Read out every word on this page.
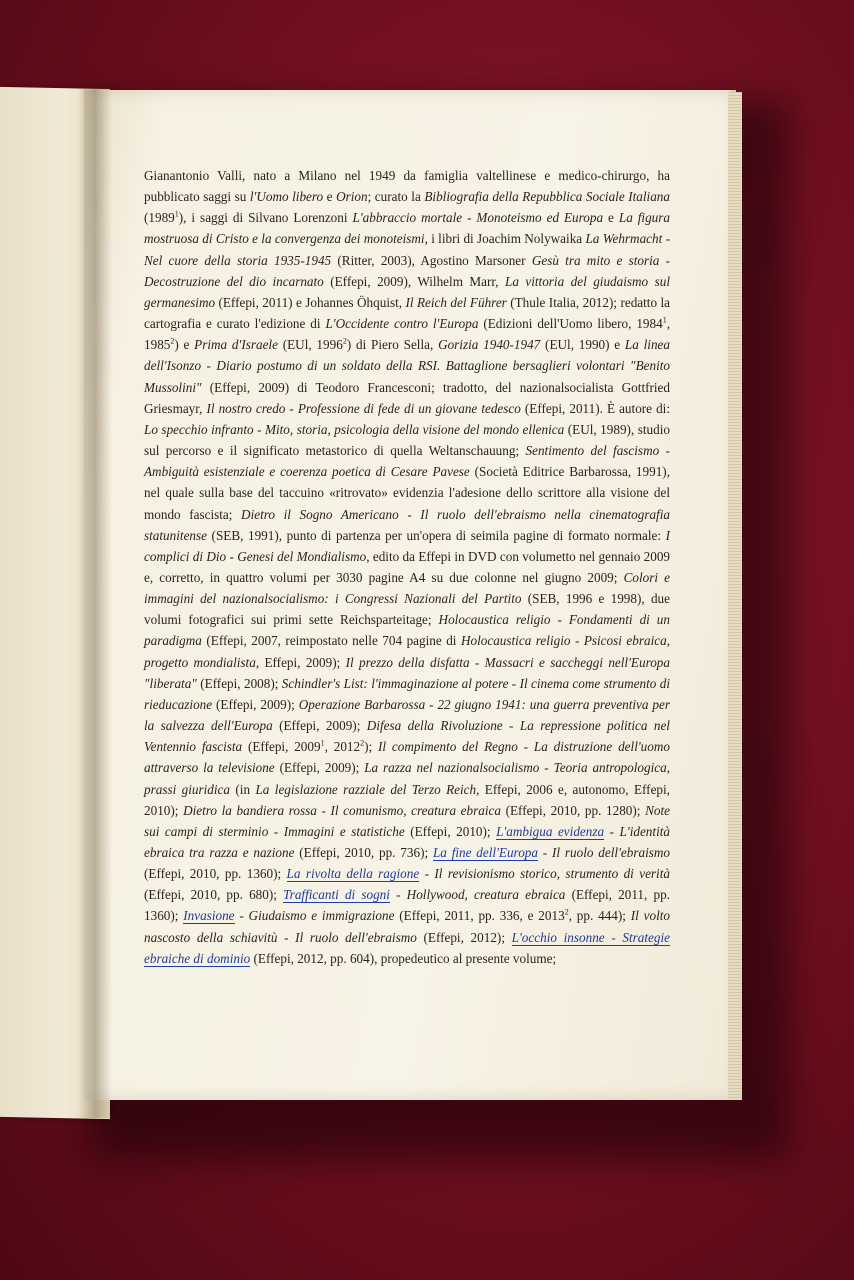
Gianantonio Valli, nato a Milano nel 1949 da famiglia valtellinese e medico-chirurgo, ha pubblicato saggi su l'Uomo libero e Orion; curato la Bibliografia della Repubblica Sociale Italiana (1989$^1$), i saggi di Silvano Lorenzoni L'abbraccio mortale - Monoteismo ed Europa e La figura mostruosa di Cristo e la convergenza dei monoteismi, i libri di Joachim Nolywaika La Wehrmacht - Nel cuore della storia 1935-1945 (Ritter, 2003), Agostino Marsoner Gesù tra mito e storia - Decostruzione del dio incarnato (Effepi, 2009), Wilhelm Marr, La vittoria del giudaismo sul germanesimo (Effepi, 2011) e Johannes Öhquist, Il Reich del Führer (Thule Italia, 2012); redatto la cartografia e curato l'edizione di L'Occidente contro l'Europa (Edizioni dell'Uomo libero, 1984$^1$, 1985$^2$) e Prima d'Israele (EUl, 1996$^2$) di Piero Sella, Gorizia 1940-1947 (EUl, 1990) e La linea dell'Isonzo - Diario postumo di un soldato della RSI. Battaglione bersaglieri volontari "Benito Mussolini" (Effepi, 2009) di Teodoro Francesconi; tradotto, del nazionalsocialista Gottfried Griesmayr, Il nostro credo - Professione di fede di un giovane tedesco (Effepi, 2011). È autore di: Lo specchio infranto - Mito, storia, psicologia della visione del mondo ellenica (EUl, 1989), studio sul percorso e il significato metastorico di quella Weltanschauung; Sentimento del fascismo - Ambiguità esistenziale e coerenza poetica di Cesare Pavese (Società Editrice Barbarossa, 1991), nel quale sulla base del taccuino «ritrovato» evidenzia l'adesione dello scrittore alla visione del mondo fascista; Dietro il Sogno Americano - Il ruolo dell'ebraismo nella cinematografia statunitense (SEB, 1991), punto di partenza per un'opera di seimila pagine di formato normale: I complici di Dio - Genesi del Mondialismo, edito da Effepi in DVD con volumetto nel gennaio 2009 e, corretto, in quattro volumi per 3030 pagine A4 su due colonne nel giugno 2009; Colori e immagini del nazionalsocialismo: i Congressi Nazionali del Partito (SEB, 1996 e 1998), due volumi fotografici sui primi sette Reichsparteitage; Holocaustica religio - Fondamenti di un paradigma (Effepi, 2007, reimpostato nelle 704 pagine di Holocaustica religio - Psicosi ebraica, progetto mondialista, Effepi, 2009); Il prezzo della disfatta - Massacri e saccheggi nell'Europa "liberata" (Effepi, 2008); Schindler's List: l'immaginazione al potere - Il cinema come strumento di rieducazione (Effepi, 2009); Operazione Barbarossa - 22 giugno 1941: una guerra preventiva per la salvezza dell'Europa (Effepi, 2009); Difesa della Rivoluzione - La repressione politica nel Ventennio fascista (Effepi, 2009$^1$, 2012$^2$); Il compimento del Regno - La distruzione dell'uomo attraverso la televisione (Effepi, 2009); La razza nel nazionalsocialismo - Teoria antropologica, prassi giuridica (in La legislazione razziale del Terzo Reich, Effepi, 2006 e, autonomo, Effepi, 2010); Dietro la bandiera rossa - Il comunismo, creatura ebraica (Effepi, 2010, pp. 1280); Note sui campi di sterminio - Immagini e statistiche (Effepi, 2010); L'ambigua evidenza - L'identità ebraica tra razza e nazione (Effepi, 2010, pp. 736); La fine dell'Europa - Il ruolo dell'ebraismo (Effepi, 2010, pp. 1360); La rivolta della ragione - Il revisionismo storico, strumento di verità (Effepi, 2010, pp. 680); Trafficanti di sogni - Hollywood, creatura ebraica (Effepi, 2011, pp. 1360); Invasione - Giudaismo e immigrazione (Effepi, 2011, pp. 336, e 2013$^2$, pp. 444); Il volto nascosto della schiavitù - Il ruolo dell'ebraismo (Effepi, 2012); L'occhio insonne - Strategie ebraiche di dominio (Effepi, 2012, pp. 604), propedeutico al presente volume;
